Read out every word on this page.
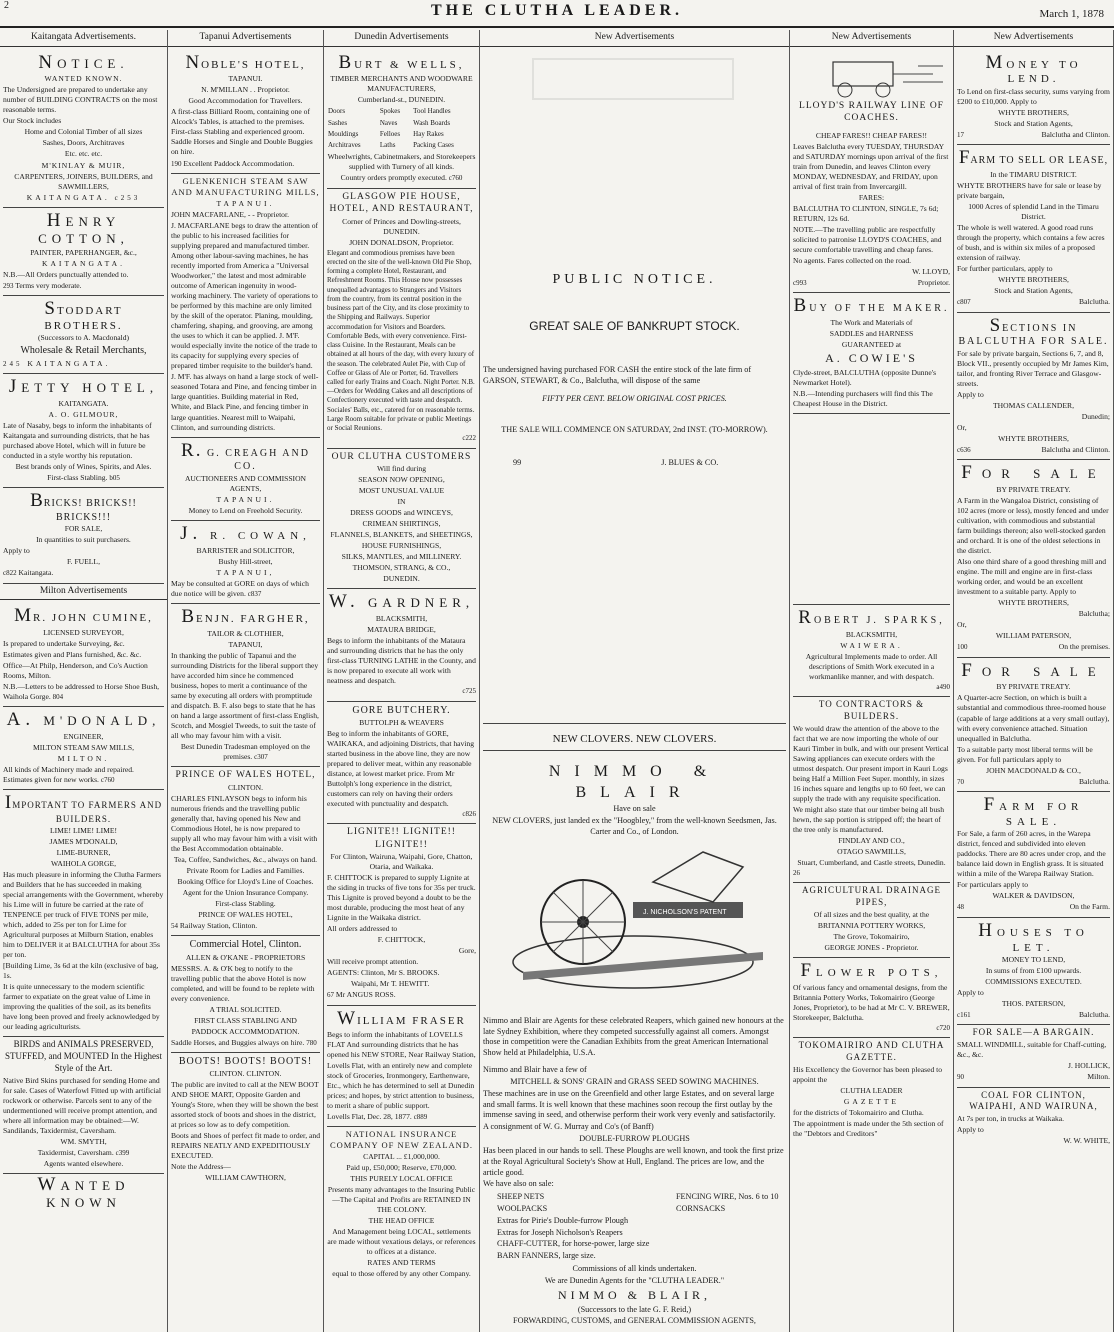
2	THE CLUTHA LEADER.	March 1, 1878
Kaitangata Advertisements.
NOTICE.

WANTED KNOWN.

The Undersigned are prepared to undertake any number of BUILDING CONTRACTS on the most reasonable terms.

Our Stock includes

Home and Colonial Timber of all sizes

Sashes, Doors, Architraves

Etc. etc. etc.

M'KINLAY & MUIR,

CARPENTERS, JOINERS, BUILDERS, and SAWMILLERS,

KAITANGATA. c253

HENRY COTTON,

PAINTER, PAPERHANGER, &c.,

KAITANGATA.

N.B.—All Orders punctually attended to.

293 Terms very moderate.

STODDART BROTHERS.

(Successors to A. Macdonald)

Wholesale & Retail Merchants,

245 KAITANGATA.

JETTY HOTEL,

KAITANGATA.

A. O. GILMOUR,

Late of Nasaby, begs to inform the inhabitants of Kaitangata and surrounding districts, that he has purchased above Hotel, which will in future be conducted in a style worthy his reputation.

Best brands only of Wines, Spirits, and Ales.

First-class Stabling. b05

BRICKS! BRICKS!! BRICKS!!!

FOR SALE,

In quantities to suit purchasers.

Apply to

F. FUELL,

c822 Kaitangata.

Milton Advertisements
MR. JOHN CUMINE,

LICENSED SURVEYOR,

Is prepared to undertake Surveying, &c.

Estimates given and Plans furnished, &c. &c.

Office—At Philp, Henderson, and Co's Auction Rooms, Milton.

N.B.—Letters to be addressed to Horse Shoe Bush, Waihola Gorge. 804

A. M'DONALD,

ENGINEER,

MILTON STEAM SAW MILLS,

MILTON.

All kinds of Machinery made and repaired. Estimates given for new works. c760

IMPORTANT TO FARMERS AND BUILDERS.

LIME! LIME! LIME!

JAMES M'DONALD,

LIME-BURNER,

WAIHOLA GORGE,

Has much pleasure in informing the Clutha Farmers and Builders that he has succeeded in making special arrangements with the Government, whereby his Lime will in future be carried at the rate of TENPENCE per truck of FIVE TONS per mile, which, added to 25s per ton for Lime for Agricultural purposes at Milburn Station, enables him to DELIVER it at BALCLUTHA for about 35s per ton.

[Building Lime, 3s 6d at the kiln (exclusive of bag, 1s.

It is quite unnecessary to the modern scientific farmer to expatiate on the great value of Lime in improving the qualities of the soil, as its benefits have long been proved and freely acknowledged by our leading agriculturists.

BIRDS and ANIMALS PRESERVED, STUFFED, and MOUNTED In the Highest Style of the Art.

Native Bird Skins purchased for sending Home and for sale. Cases of Waterfowl Fitted up with artificial rockwork or otherwise. Parcels sent to any of the undermentioned will receive prompt attention, and where all information may be obtained:—W. Sandilands, Taxidermist, Caversham.

WM. SMYTH,

Taxidermist, Caversham. c399

Agents wanted elsewhere.

WANTED KNOWN
Tapanui Advertisements
NOBLE'S HOTEL,

TAPANUI.

N. M'MILLAN . . Proprietor.

Good Accommodation for Travellers.

A first-class Billiard Room, containing one of Alcock's Tables, is attached to the premises. First-class Stabling and experienced groom. Saddle Horses and Single and Double Buggies on hire.

190 Excellent Paddock Accommodation.

GLENKENICH STEAM SAW AND MANUFACTURING MILLS,

TAPANUI.

JOHN MACFARLANE, - - Proprietor.

J. MACFARLANE begs to draw the attention of the public to his increased facilities for supplying prepared and manufactured timber. Among other labour-saving machines, he has recently imported from America a "Universal Woodworker," the latest and most admirable outcome of American ingenuity in wood-working machinery. The variety of operations to be performed by this machine are only limited by the skill of the operator. Planing, moulding, chamfering, shaping, and grooving, are among the uses to which it can be applied. J. M'F. would especially invite the notice of the trade to its capacity for supplying every species of prepared timber requisite to the builder's hand.

J. M'F. has always on hand a large stock of well-seasoned Totara and Pine, and fencing timber in large quantities. Building material in Red, White, and Black Pine, and fencing timber in large quantities. Nearest mill to Waipahi, Clinton, and surrounding districts.

R. G. CREAGH AND CO.

AUCTIONEERS AND COMMISSION AGENTS,

TAPANUI.

Money to Lend on Freehold Security.

J. R. COWAN,

BARRISTER and SOLICITOR,

Bushy Hill-street,

TAPANUI,

May be consulted at GORE on days of which due notice will be given. c837

BENJN. FARGHER,

TAILOR & CLOTHIER,

TAPANUI,

In thanking the public of Tapanui and the surrounding Districts for the liberal support they have accorded him since he commenced business, hopes to merit a continuance of the same by executing all orders with promptitude and dispatch. B. F. also begs to state that he has on hand a large assortment of first-class English, Scotch, and Mosgiel Tweeds, to suit the taste of all who may favour him with a visit.

Best Dunedin Tradesman employed on the premises. c307

PRINCE OF WALES HOTEL,

CLINTON.

CHARLES FINLAYSON begs to inform his numerous friends and the travelling public generally that, having opened his New and Commodious Hotel, he is now prepared to supply all who may favour him with a visit with the Best Accommodation obtainable.

Tea, Coffee, Sandwiches, &c., always on hand.

Private Room for Ladies and Families.

Booking Office for Lloyd's Line of Coaches.

Agent for the Union Insurance Company.

First-class Stabling.

PRINCE OF WALES HOTEL,

54 Railway Station, Clinton.

Commercial Hotel, Clinton.

ALLEN & O'KANE - PROPRIETORS

MESSRS. A. & O'K beg to notify to the travelling public that the above Hotel is now completed, and will be found to be replete with every convenience.

A TRIAL SOLICITED.

FIRST CLASS STABLING AND

PADDOCK ACCOMMODATION.

Saddle Horses, and Buggies always on hire. 780

BOOTS! BOOTS! BOOTS!

CLINTON. CLINTON.

The public are invited to call at the NEW BOOT AND SHOE MART, Opposite Garden and Young's Store, when they will be shown the best assorted stock of boots and shoes in the district, at prices so low as to defy competition.

Boots and Shoes of perfect fit made to order, and REPAIRS NEATLY AND EXPEDITIOUSLY EXECUTED.

Note the Address—

WILLIAM CAWTHORN,

Dunedin Advertisements
BURT & WELLS,

TIMBER MERCHANTS AND WOODWARE MANUFACTURERS,

Cumberland-st., DUNEDIN.

Doors	Spokes	Tool Handles
Sashes	Naves	Wash Boards
Mouldings	Felloes	Hay Rakes
Architraves	Laths	Packing Cases

Wheelwrights, Cabinetmakers, and Storekeepers supplied with Turnery of all kinds.

Country orders promptly executed. c760

GLASGOW PIE HOUSE, HOTEL, AND RESTAURANT,

Corner of Princes and Dowling-streets, DUNEDIN.

JOHN DONALDSON, Proprietor.

Elegant and commodious premises have been erected on the site of the well-known Old Pie Shop, forming a complete Hotel, Restaurant, and Refreshment Rooms. This House now possesses unequalled advantages to Strangers and Visitors from the country, from its central position in the business part of the City, and its close proximity to the Shipping and Railways. Superior accommodation for Visitors and Boarders. Comfortable Beds, with every convenience. First-class Cuisine. In the Restaurant, Meals can be obtained at all hours of the day, with every luxury of the season. The celebrated Aulet Pie, with Cup of Coffee or Glass of Ale or Porter, 6d. Travellers called for early Trains and Coach. Night Porter. N.B.—Orders for Wedding Cakes and all descriptions of Confectionery executed with taste and despatch. Sociales' Balls, etc., catered for on reasonable terms. Large Room suitable for private or public Meetings or Social Reunions.

c222

OUR CLUTHA CUSTOMERS

Will find during

SEASON NOW OPENING,

MOST UNUSUAL VALUE

IN

DRESS GOODS and WINCEYS,

CRIMEAN SHIRTINGS,

FLANNELS, BLANKETS, and SHEETINGS,

HOUSE FURNISHINGS,

SILKS, MANTLES, and MILLINERY.

THOMSON, STRANG, & CO.,

DUNEDIN.

W. GARDNER,

BLACKSMITH,

MATAURA BRIDGE,

Begs to inform the inhabitants of the Mataura and surrounding districts that he has the only first-class TURNING LATHE in the County, and is now prepared to execute all work with neatness and despatch.

c725

GORE BUTCHERY.

BUTTOLPH & WEAVERS

Beg to inform the inhabitants of GORE, WAIKAKA, and adjoining Districts, that having started business in the above line, they are now prepared to deliver meat, within any reasonable distance, at lowest market price. From Mr Buttolph's long experience in the district, customers can rely on having their orders executed with punctuality and despatch.

c826

LIGNITE!! LIGNITE!! LIGNITE!!

For Clinton, Wairuna, Waipahi, Gore, Chatton, Otaria, and Waikaka.

F. CHITTOCK is prepared to supply Lignite at the siding in trucks of five tons for 35s per truck. This Lignite is proved beyond a doubt to be the most durable, producing the most heat of any Lignite in the Waikaka district.

All orders addressed to

F. CHITTOCK,

Gore,

Will receive prompt attention.

AGENTS: Clinton, Mr S. BROOKS.

Waipahi, Mr T. HEWITT.

67 Mr ANGUS ROSS.

WILLIAM FRASER

Begs to inform the inhabitants of LOVELLS FLAT And surrounding districts that he has opened his NEW STORE, Near Railway Station, Lovells Flat, with an entirely new and complete stock of Groceries, Ironmongery, Earthenware, Etc., which he has determined to sell at Dunedin prices; and hopes, by strict attention to business, to merit a share of public support.

Lovells Flat, Dec. 28, 1877. c889

NATIONAL INSURANCE COMPANY OF NEW ZEALAND.

CAPITAL ... £1,000,000.

Paid up, £50,000; Reserve, £70,000.

THIS PURELY LOCAL OFFICE

Presents many advantages to the Insuring Public —The Capital and Profits are RETAINED IN THE COLONY.

THE HEAD OFFICE

And Management being LOCAL, settlements are made without vexatious delays, or references to offices at a distance.

RATES AND TERMS

equal to those offered by any other Company.

New Advertisements
PUBLIC NOTICE.
GREAT SALE OF BANKRUPT STOCK.

The undersigned having purchased FOR CASH the entire stock of the late firm of GARSON, STEWART, & Co., Balclutha, will dispose of the same

FIFTY PER CENT. BELOW ORIGINAL COST PRICES.

THE SALE WILL COMMENCE ON SATURDAY, 2nd INST. (TO-MORROW).

99	J. BLUES & CO.

NEW CLOVERS. NEW CLOVERS.
NIMMO & BLAIR

Have on sale

NEW CLOVERS, just landed ex the "Hoogbley," from the well-known Seedsmen, Jas. Carter and Co., of London.

J. NICHOLSON'S PATENT

Nimmo and Blair are Agents for these celebrated Reapers, which gained new honours at the late Sydney Exhibition, where they competed successfully against all comers. Amongst those in competition were the Canadian Exhibits from the great American International Show held at Philadelphia, U.S.A.

Nimmo and Blair have a few of

MITCHELL & SONS' GRAIN and GRASS SEED SOWING MACHINES.

These machines are in use on the Greenfield and other large Estates, and on several large and small farms. It is well known that these machines soon recoup the first outlay by the immense saving in seed, and otherwise perform their work very evenly and satisfactorily.

A consignment of W. G. Murray and Co's (of Banff)

DOUBLE-FURROW PLOUGHS

Has been placed in our hands to sell. These Ploughs are well known, and took the first prize at the Royal Agricultural Society's Show at Hull, England. The prices are low, and the article good.

We have also on sale:

SHEEP NETS

WOOLPACKS

Extras for Pirie's Double-furrow Plough

Extras for Joseph Nicholson's Reapers

CHAFF-CUTTER, for horse-power, large size

BARN FANNERS, large size.

FENCING WIRE, Nos. 6 to 10

CORNSACKS

Commissions of all kinds undertaken.

We are Dunedin Agents for the "CLUTHA LEADER."

NIMMO & BLAIR,

(Successors to the late G. F. Reid,)

FORWARDING, CUSTOMS, and GENERAL COMMISSION AGENTS,

New Advertisements
LLOYD'S RAILWAY LINE OF COACHES.

CHEAP FARES!! CHEAP FARES!!

Leaves Balclutha every TUESDAY, THURSDAY and SATURDAY mornings upon arrival of the first train from Dunedin, and leaves Clinton every MONDAY, WEDNESDAY, and FRIDAY, upon arrival of first train from Invercargill.

FARES:

BALCLUTHA TO CLINTON, SINGLE, 7s 6d; RETURN, 12s 6d.

NOTE.—The travelling public are respectfully solicited to patronise LLOYD'S COACHES, and secure comfortable travelling and cheap fares.

No agents. Fares collected on the road.

W. LLOYD,

c993	Proprietor.

BUY OF THE MAKER.

The Work and Materials of

SADDLES and HARNESS

GUARANTEED at

A. COWIE'S

Clyde-street, BALCLUTHA (opposite Dunne's Newmarket Hotel).

N.B.—Intending purchasers will find this The Cheapest House in the District.

ROBERT J. SPARKS,

BLACKSMITH,

WAIWERA.

Agricultural Implements made to order. All descriptions of Smith Work executed in a workmanlike manner, and with despatch.

a490

TO CONTRACTORS & BUILDERS.

We would draw the attention of the above to the fact that we are now importing the whole of our Kauri Timber in bulk, and with our present Vertical Sawing appliances can execute orders with the utmost despatch. Our present import in Kauri Logs being Half a Million Feet Super. monthly, in sizes 16 inches square and lengths up to 60 feet, we can supply the trade with any requisite specification.

We might also state that our timber being all bush hewn, the sap portion is stripped off; the heart of the tree only is manufactured.

FINDLAY AND CO.,

OTAGO SAWMILLS,

Stuart, Cumberland, and Castle streets, Dunedin.

26

AGRICULTURAL DRAINAGE PIPES,

Of all sizes and the best quality, at the

BRITANNIA POTTERY WORKS,

The Grove, Tokomairiro,

GEORGE JONES - Proprietor.

FLOWER POTS,

Of various fancy and ornamental designs, from the Britannia Pottery Works, Tokomairiro (George Jones, Proprietor), to be had at Mr C. V. BREWER, Storekeeper, Balclutha.

c720

TOKOMAIRIRO AND CLUTHA GAZETTE.

His Excellency the Governor has been pleased to appoint the

CLUTHA LEADER

GAZETTE

for the districts of Tokomairiro and Clutha.

The appointment is made under the 5th section of the "Debtors and Creditors"

New Advertisements
MONEY TO LEND.

To Lend on first-class security, sums varying from £200 to £10,000. Apply to

WHYTE BROTHERS,

Stock and Station Agents,

17	Balclutha and Clinton.

FARM TO SELL OR LEASE,

In the TIMARU DISTRICT.

WHYTE BROTHERS have for sale or lease by private bargain,

1000 Acres of splendid Land in the Timaru District.

The whole is well watered. A good road runs through the property, which contains a few acres of bush, and is within six miles of a proposed extension of railway.

For further particulars, apply to

WHYTE BROTHERS,

Stock and Station Agents,

c807	Balclutha.

SECTIONS IN BALCLUTHA FOR SALE.

For sale by private bargain, Sections 6, 7, and 8, Block VII., presently occupied by Mr James Kim, tailor, and fronting River Terrace and Glasgow-streets.

Apply to

THOMAS CALLENDER,

Dunedin;

Or,

WHYTE BROTHERS,

c636	Balclutha and Clinton.

FOR SALE

BY PRIVATE TREATY.

A Farm in the Wangaloa District, consisting of 102 acres (more or less), mostly fenced and under cultivation, with commodious and substantial farm buildings thereon; also well-stocked garden and orchard. It is one of the oldest selections in the district.

Also one third share of a good threshing mill and engine. The mill and engine are in first-class working order, and would be an excellent investment to a suitable party. Apply to

WHYTE BROTHERS,

Balclutha;

Or,

WILLIAM PATERSON,

100	On the premises.

FOR SALE

BY PRIVATE TREATY.

A Quarter-acre Section, on which is built a substantial and commodious three-roomed house (capable of large additions at a very small outlay), with every convenience attached. Situation unequalled in Balclutha.

To a suitable party most liberal terms will be given. For full particulars apply to

JOHN MACDONALD & CO.,

70	Balclutha.

FARM FOR SALE.

For Sale, a farm of 260 acres, in the Warepa district, fenced and subdivided into eleven paddocks. There are 80 acres under crop, and the balance laid down in English grass. It is situated within a mile of the Warepa Railway Station.

For particulars apply to

WALKER & DAVIDSON,

48	On the Farm.

HOUSES TO LET.

MONEY TO LEND,

In sums of from £100 upwards.

COMMISSIONS EXECUTED.

Apply to

THOS. PATERSON,

c161	Balclutha.

FOR SALE—A BARGAIN.

SMALL WINDMILL, suitable for Chaff-cutting, &c., &c.

J. HOLLICK,

90	Milton.

COAL FOR CLINTON, WAIPAHI, AND WAIRUNA,

At 7s per ton, in trucks at Waikaka.

Apply to

W. W. WHITE,
